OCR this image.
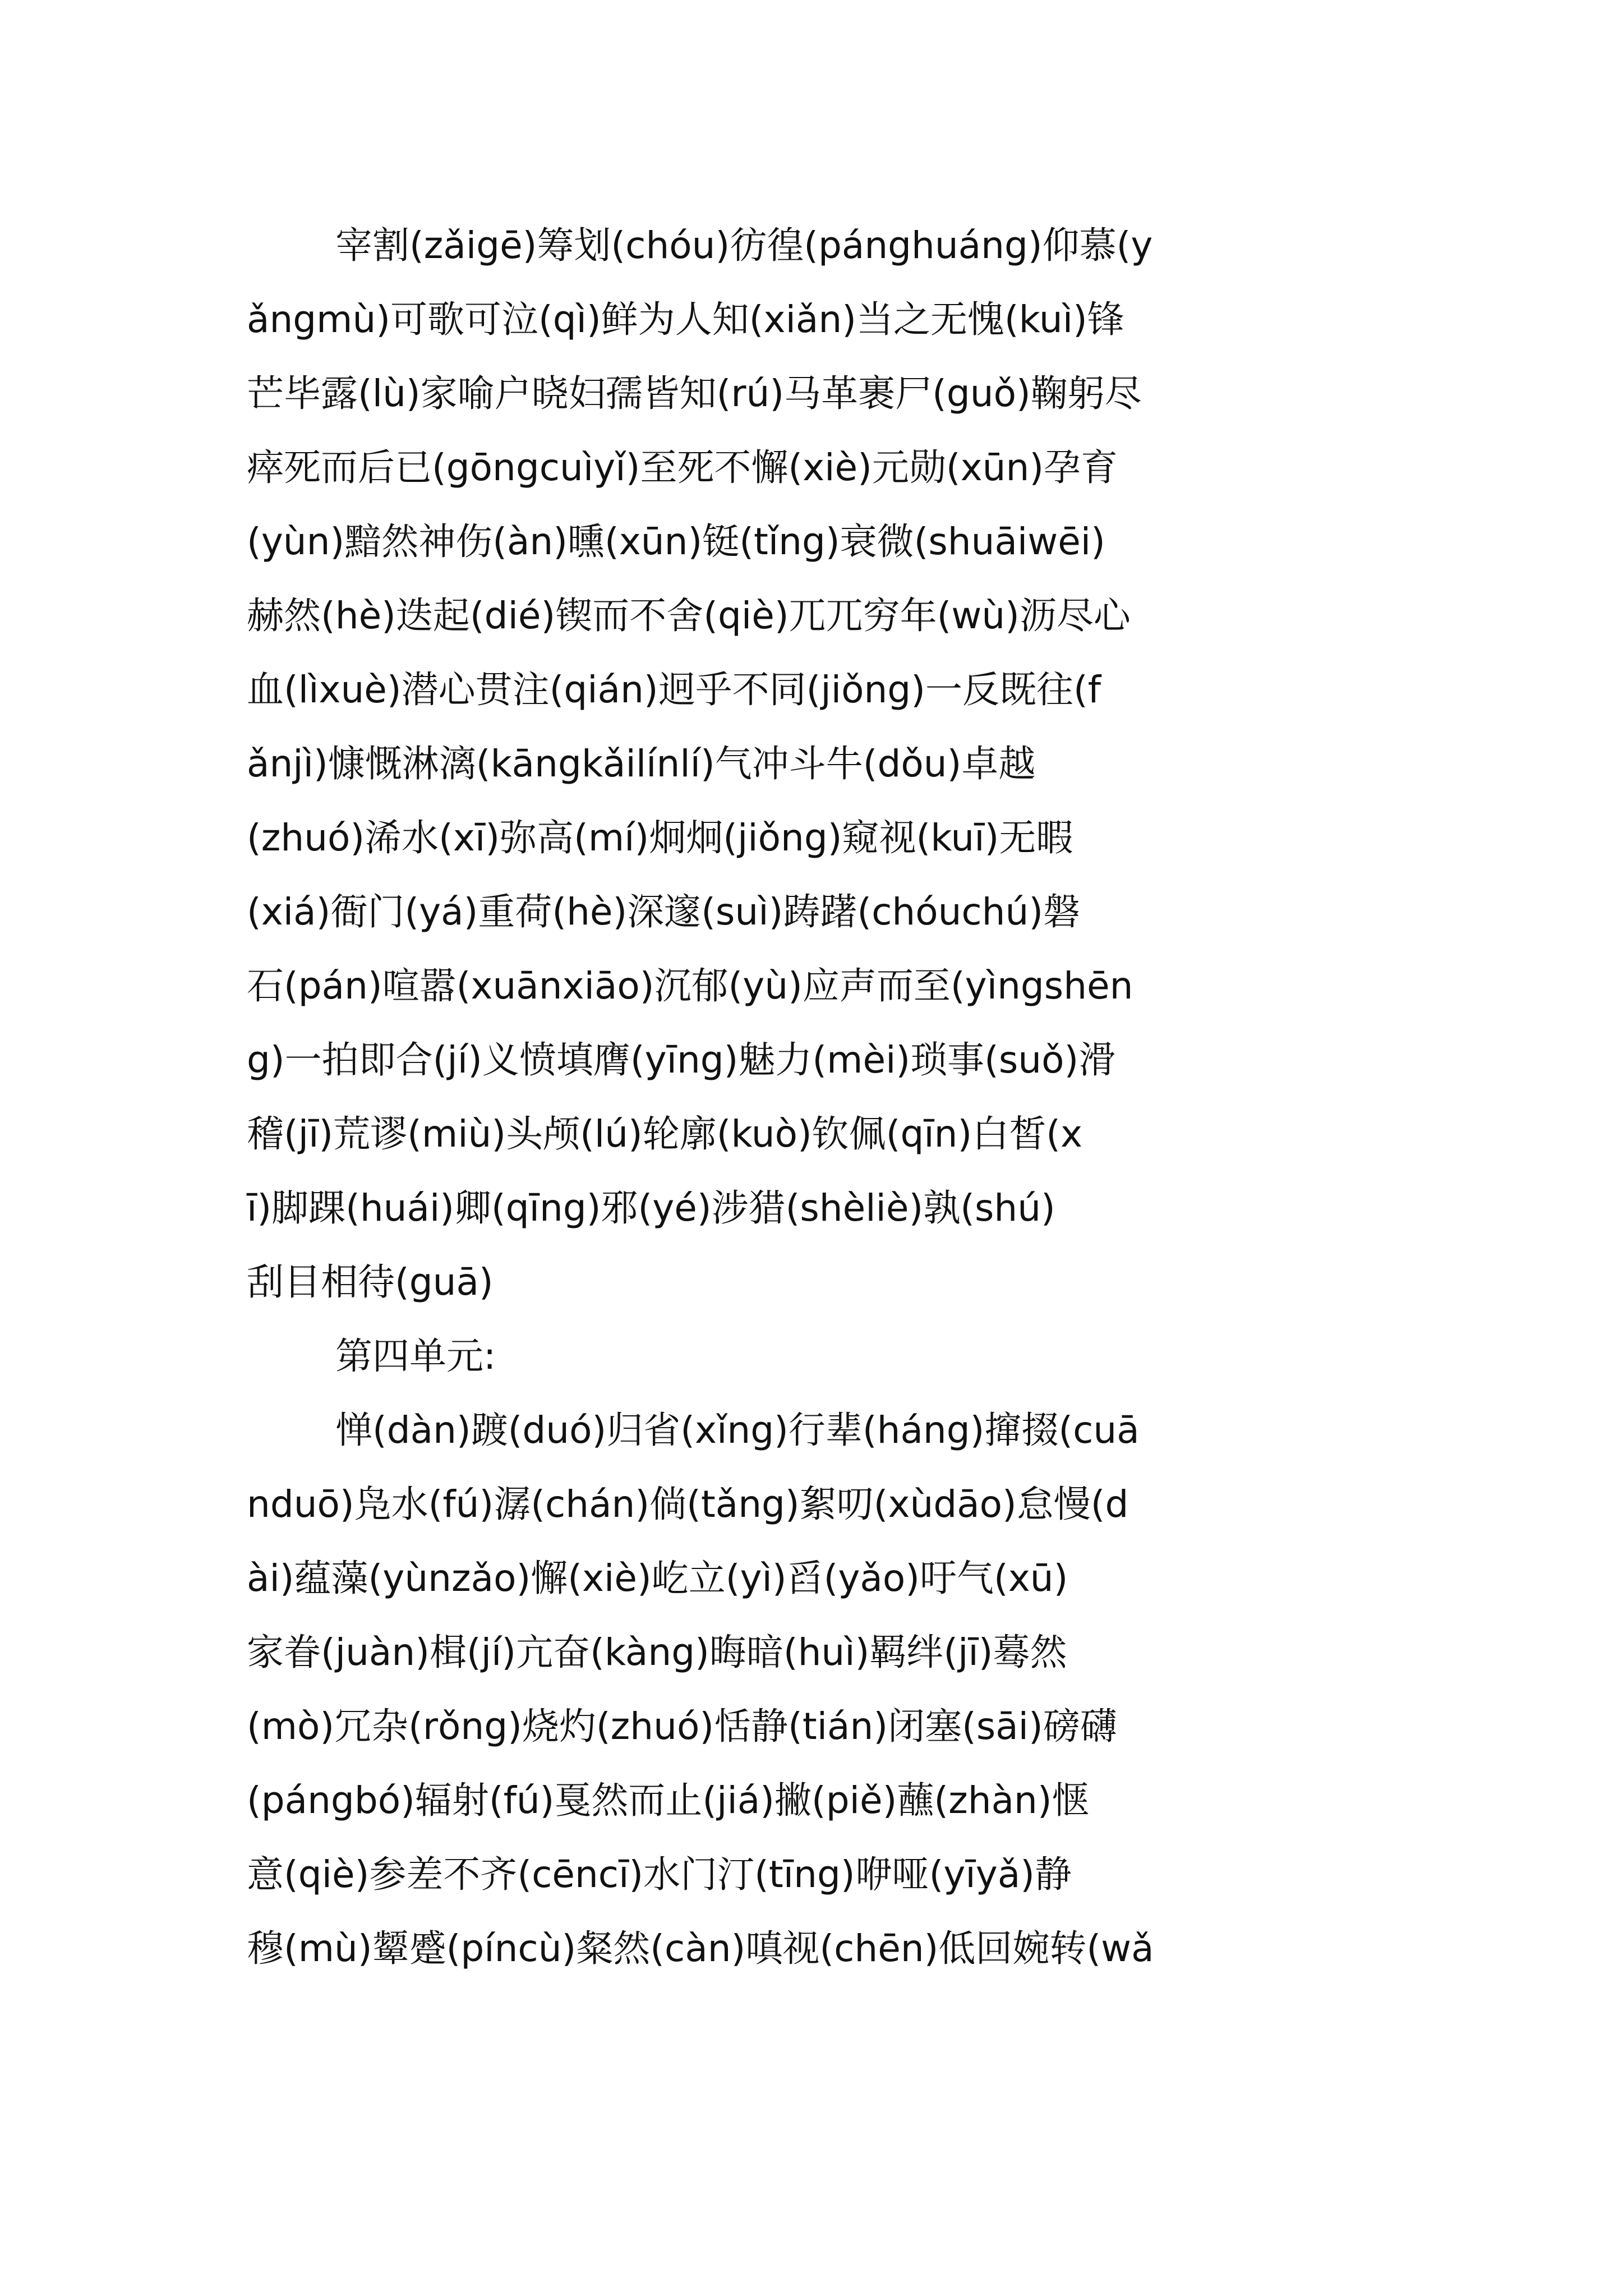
宰割(zǎigē)筹划(chóu)彷徨(pánghuáng)仰慕(y
ǎngmù)可歌可泣(qì)鲜为人知(xiǎn)当之无愧(kuì)锋
芒毕露(lù)家喻户晓妇孺皆知(rú)马革裹尸(guǒ)鞠躬尽
瘁死而后已(gōngcuìyǐ)至死不懈(xiè)元勋(xūn)孕育
(yùn)黯然神伤(àn)曛(xūn)铤(tǐng)衰微(shuāiwēi)
赫然(hè)迭起(dié)锲而不舍(qiè)兀兀穷年(wù)沥尽心
血(lìxuè)潜心贯注(qián)迥乎不同(jiǒng)一反既往(f
ǎnjì)慷慨淋漓(kāngkǎilínlí)气冲斗牛(dǒu)卓越
(zhuó)浠水(xī)弥高(mí)炯炯(jiǒng)窥视(kuī)无暇
(xiá)衙门(yá)重荷(hè)深邃(suì)踌躇(chóuchú)磐
石(pán)喧嚣(xuānxiāo)沉郁(yù)应声而至(yìngshēn
g)一拍即合(jí)义愤填膺(yīng)魅力(mèi)琐事(suǒ)滑
稽(jī)荒谬(miù)头颅(lú)轮廓(kuò)钦佩(qīn)白皙(x
ī)脚踝(huái)卿(qīng)邪(yé)涉猎(shèliè)孰(shú)
刮目相待(guā)
第四单元:
惮(dàn)踱(duó)归省(xǐng)行辈(háng)撺掇(cuā
nduō)凫水(fú)潺(chán)倘(tǎng)絮叨(xùdāo)怠慢(d
ài)蕴藻(yùnzǎo)懈(xiè)屹立(yì)舀(yǎo)吁气(xū)
家眷(juàn)楫(jí)亢奋(kàng)晦暗(huì)羁绊(jī)蓦然
(mò)冗杂(rǒng)烧灼(zhuó)恬静(tián)闭塞(sāi)磅礴
(pángbó)辐射(fú)戛然而止(jiá)撇(piě)蘸(zhàn)惬
意(qiè)参差不齐(cēncī)水门汀(tīng)咿哑(yīyǎ)静
穆(mù)颦蹙(píncù)粲然(càn)嗔视(chēn)低回婉转(wǎ
